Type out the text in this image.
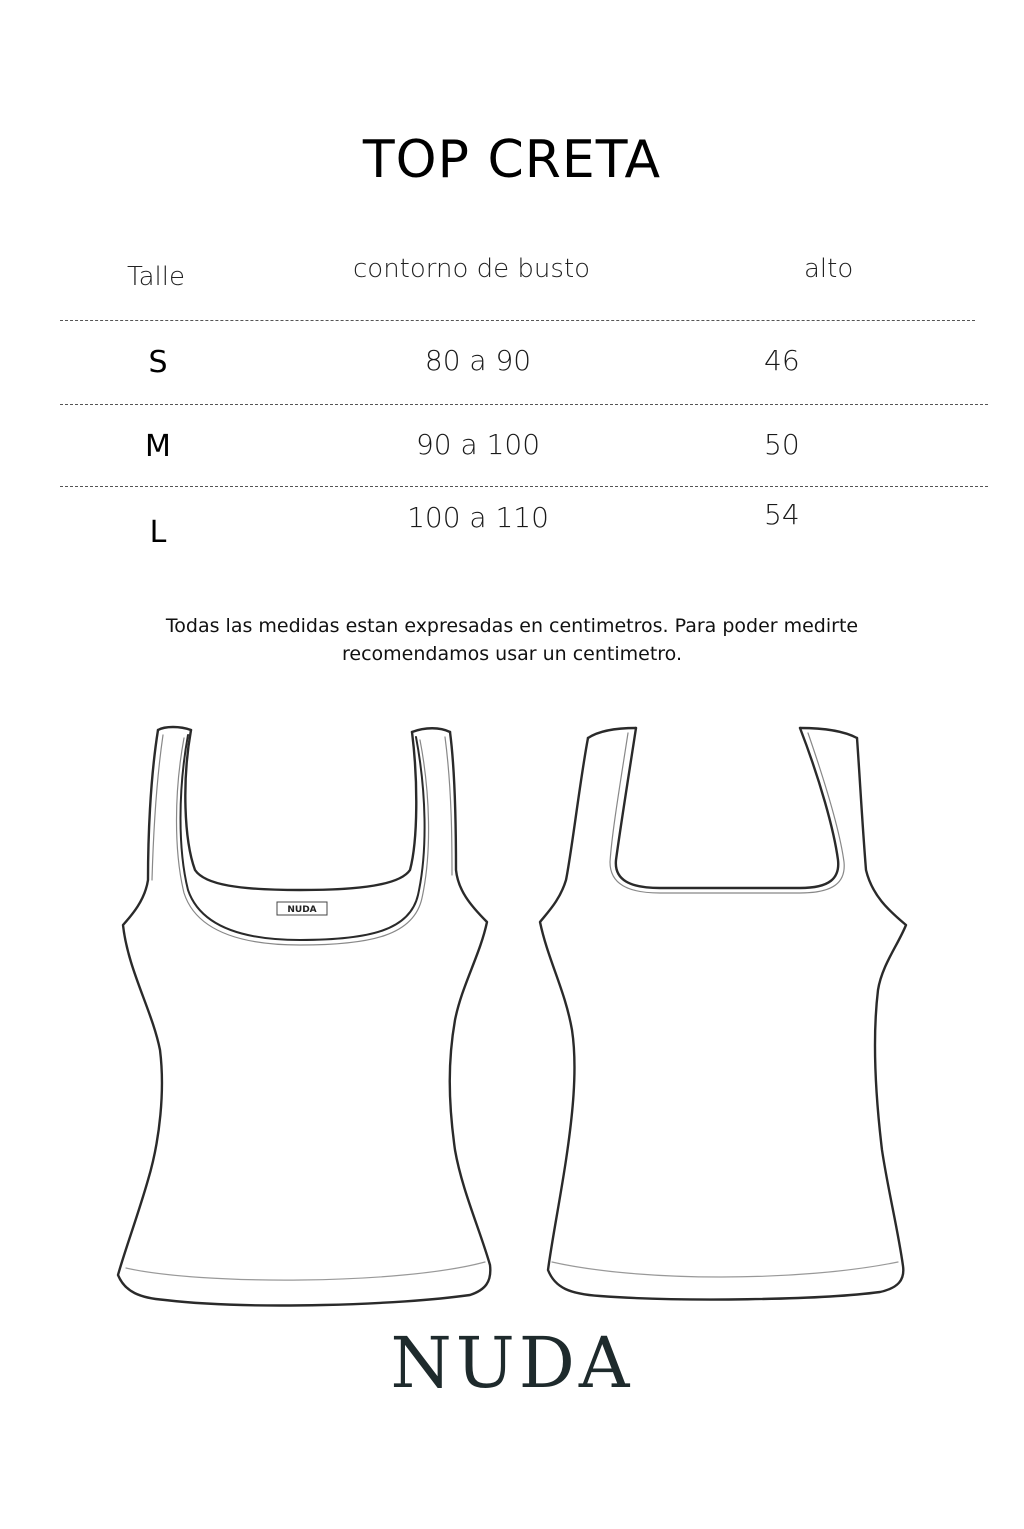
TOP CRETA
Talle	contorno de busto	alto
S	80 a 90	46
M	90 a 100	50
L	100 a 110	54
Todas las medidas estan expresadas en centimetros. Para poder medirte
recomendamos usar un centimetro.
NUDA
NUDA
